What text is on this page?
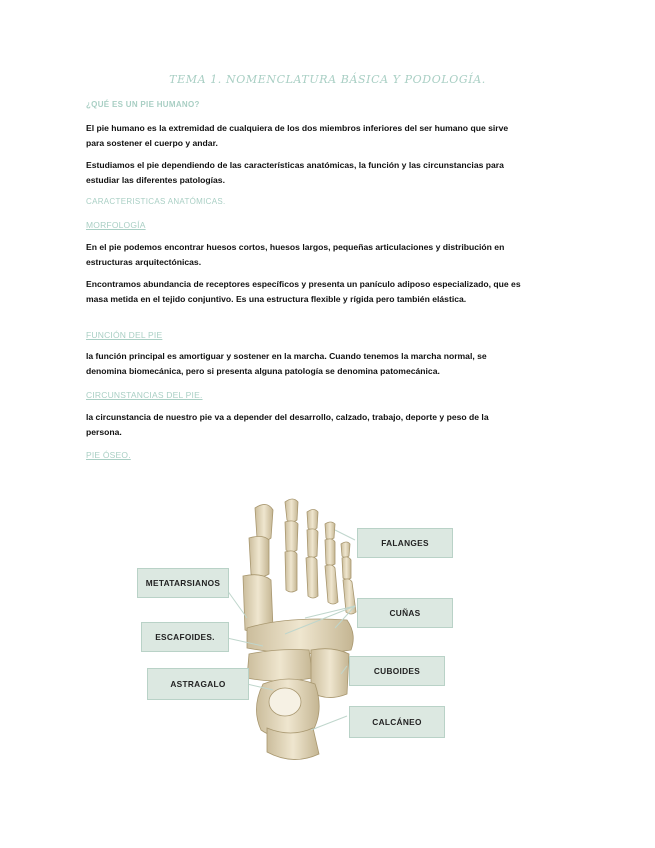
TEMA 1. NOMENCLATURA BÁSICA Y PODOLOGÍA.
¿QUÉ ES UN PIE HUMANO?
El pie humano es la extremidad de cualquiera de los dos miembros inferiores del ser humano que sirve para sostener el cuerpo y andar.
Estudiamos el pie dependiendo de las características anatómicas, la función y las circunstancias para estudiar las diferentes patologías.
CARACTERISTICAS ANATÓMICAS.
MORFOLOGÍA
En el pie podemos encontrar huesos cortos, huesos largos, pequeñas articulaciones y distribución en estructuras arquitectónicas.
Encontramos abundancia de receptores específicos y presenta un panículo adiposo especializado, que es masa metida en el tejido conjuntivo. Es una estructura flexible y rígida pero también elástica.
FUNCIÓN DEL PIE
la función principal es amortiguar y sostener en la marcha. Cuando tenemos la marcha normal, se denomina biomecánica, pero si presenta alguna patología se denomina patomecánica.
CIRCUNSTANCIAS DEL PIE.
la circunstancia de nuestro pie va a depender del desarrollo, calzado, trabajo, deporte y peso de la persona.
PIE ÓSEO.
FALANGES
METATARSIANOS
CUÑAS
ESCAFOIDES.
CUBOIDES
ASTRAGALO
CALCÁNEO
